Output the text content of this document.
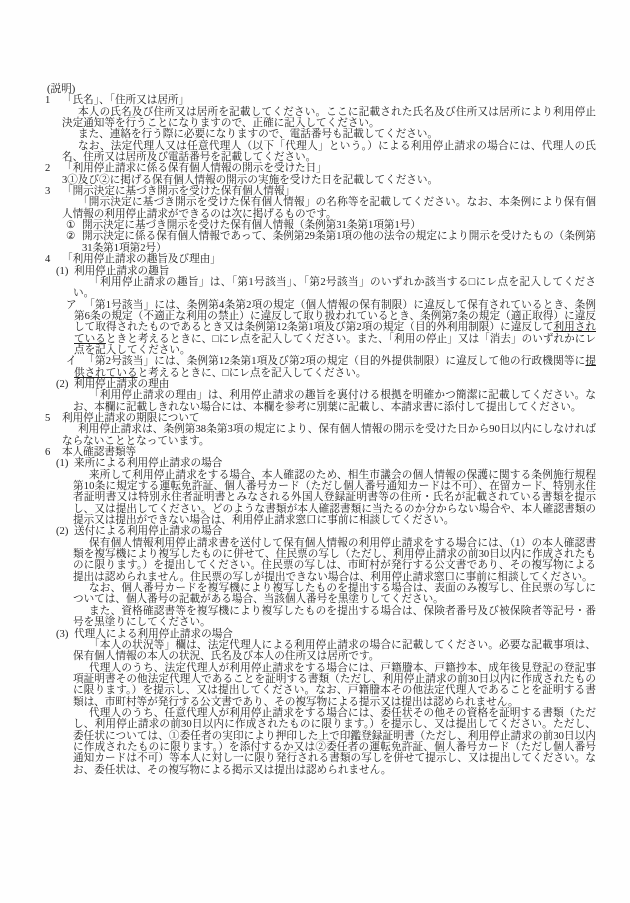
(説明)
1 「氏名」、「住所又は居所」
本人の氏名及び住所又は居所を記載してください。ここに記載された氏名及び住所又は居所により利用停止決定通知等を行うことになりますので、正確に記入してください。
また、連絡を行う際に必要になりますので、電話番号も記載してください。
なお、法定代理人又は任意代理人（以下「代理人」という。）による利用停止請求の場合には、代理人の氏名、住所又は居所及び電話番号を記載してください。
2 「利用停止請求に係る保有個人情報の開示を受けた日」
3①及び②に掲げる保有個人情報の開示の実施を受けた日を記載してください。
3 「開示決定に基づき開示を受けた保有個人情報」
「開示決定に基づき開示を受けた保有個人情報」の名称等を記載してください。なお、本条例により保有個人情報の利用停止請求ができるのは次に掲げるものです。
① 開示決定に基づき開示を受けた保有個人情報（条例第31条第1項第1号）
② 開示決定に係る保有個人情報であって、条例第29条第1項の他の法令の規定により開示を受けたもの（条例第31条第1項第2号）
4 「利用停止請求の趣旨及び理由」
(1) 利用停止請求の趣旨
「利用停止請求の趣旨」は、「第1号該当」、「第2号該当」のいずれか該当する□にレ点を記入してください。
ア 「第1号該当」には、条例第4条第2項の規定（個人情報の保有制限）に違反して保有されているとき、条例第6条の規定（不適正な利用の禁止）に違反して取り扱われているとき、条例第7条の規定（適正取得）に違反して取得されたものであるとき又は条例第12条第1項及び第2項の規定（目的外利用制限）に違反して利用されているときと考えるときに、□にレ点を記入してください。また、「利用の停止」又は「消去」のいずれかにレ点を記入してください。
イ 「第2号該当」には、条例第12条第1項及び第2項の規定（目的外提供制限）に違反して他の行政機関等に提供されていると考えるときに、□にレ点を記入してください。
(2) 利用停止請求の理由
「利用停止請求の理由」は、利用停止請求の趣旨を裏付ける根拠を明確かつ簡潔に記載してください。なお、本欄に記載しきれない場合には、本欄を参考に別葉に記載し、本請求書に添付して提出してください。
5 利用停止請求の期限について
利用停止請求は、条例第38条第3項の規定により、保有個人情報の開示を受けた日から90日以内にしなければならないこととなっています。
6 本人確認書類等
(1) 来所による利用停止請求の場合
来所して利用停止請求をする場合、本人確認のため、相生市議会の個人情報の保護に関する条例施行規程第10条に規定する運転免許証、個人番号カード（ただし個人番号通知カードは不可）、在留カード、特別永住者証明書又は特別永住者証明書とみなされる外国人登録証明書等の住所・氏名が記載されている書類を提示し、又は提出してください。どのような書類が本人確認書類に当たるのか分からない場合や、本人確認書類の提示又は提出ができない場合は、利用停止請求窓口に事前に相談してください。
(2) 送付による利用停止請求の場合
保有個人情報利用停止請求書を送付して保有個人情報の利用停止請求をする場合には、（1）の本人確認書類を複写機により複写したものに併せて、住民票の写し（ただし、利用停止請求の前30日以内に作成されたものに限ります。）を提出してください。住民票の写しは、市町村が発行する公文書であり、その複写物による提出は認められません。住民票の写しが提出できない場合は、利用停止請求窓口に事前に相談してください。
なお、個人番号カードを複写機により複写したものを提出する場合は、表面のみ複写し、住民票の写しについては、個人番号の記載がある場合、当該個人番号を黒塗りしてください。
また、資格確認書等を複写機により複写したものを提出する場合は、保険者番号及び被保険者等記号・番号を黒塗りにしてください。
(3) 代理人による利用停止請求の場合
「本人の状況等」欄は、法定代理人による利用停止請求の場合に記載してください。必要な記載事項は、保有個人情報の本人の状況、氏名及び本人の住所又は居所です。
代理人のうち、法定代理人が利用停止請求をする場合には、戸籍謄本、戸籍抄本、成年後見登記の登記事項証明書その他法定代理人であることを証明する書類（ただし、利用停止請求の前30日以内に作成されたものに限ります。）を提示し、又は提出してください。なお、戸籍謄本その他法定代理人であることを証明する書類は、市町村等が発行する公文書であり、その複写物による提示又は提出は認められません。
代理人のうち、任意代理人が利用停止請求をする場合には、委任状その他その資格を証明する書類（ただし、利用停止請求の前30日以内に作成されたものに限ります。）を提示し、又は提出してください。ただし、委任状については、①委任者の実印により押印した上で印鑑登録証明書（ただし、利用停止請求の前30日以内に作成されたものに限ります。）を添付するか又は②委任者の運転免許証、個人番号カード（ただし個人番号通知カードは不可）等本人に対し一に限り発行される書類の写しを併せて提示し、又は提出してください。なお、委任状は、その複写物による掲示又は提出は認められません。
